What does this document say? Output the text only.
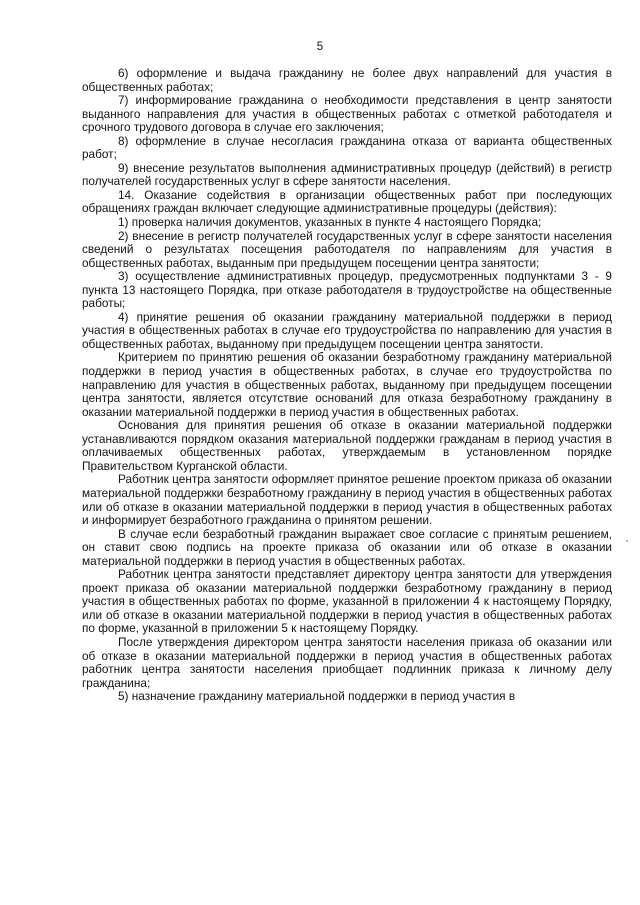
5

6) оформление и выдача гражданину не более двух направлений для участия в общественных работах;

7) информирование гражданина о необходимости представления в центр занятости выданного направления для участия в общественных работах с отметкой работодателя и срочного трудового договора в случае его заключения;

8) оформление в случае несогласия гражданина отказа от варианта общественных работ;

9) внесение результатов выполнения административных процедур (действий) в регистр получателей государственных услуг в сфере занятости населения.

14. Оказание содействия в организации общественных работ при последующих обращениях граждан включает следующие административные процедуры (действия):

1) проверка наличия документов, указанных в пункте 4 настоящего Порядка;

2) внесение в регистр получателей государственных услуг в сфере занятости населения сведений о результатах посещения работодателя по направлениям для участия в общественных работах, выданным при предыдущем посещении центра занятости;

3) осуществление административных процедур, предусмотренных подпунктами 3 - 9 пункта 13 настоящего Порядка, при отказе работодателя в трудоустройстве на общественные работы;

4) принятие решения об оказании гражданину материальной поддержки в период участия в общественных работах в случае его трудоустройства по направлению для участия в общественных работах, выданному при предыдущем посещении центра занятости.

Критерием по принятию решения об оказании безработному гражданину материальной поддержки в период участия в общественных работах, в случае его трудоустройства по направлению для участия в общественных работах, выданному при предыдущем посещении центра занятости, является отсутствие оснований для отказа безработному гражданину в оказании материальной поддержки в период участия в общественных работах.

Основания для принятия решения об отказе в оказании материальной поддержки устанавливаются порядком оказания материальной поддержки гражданам в период участия в оплачиваемых общественных работах, утверждаемым в установленном порядке Правительством Курганской области.

Работник центра занятости оформляет принятое решение проектом приказа об оказании материальной поддержки безработному гражданину в период участия в общественных работах или об отказе в оказании материальной поддержки в период участия в общественных работах и информирует безработного гражданина о принятом решении.

В случае если безработный гражданин выражает свое согласие с принятым решением, он ставит свою подпись на проекте приказа об оказании или об отказе в оказании материальной поддержки в период участия в общественных работах.

Работник центра занятости представляет директору центра занятости для утверждения проект приказа об оказании материальной поддержки безработному гражданину в период участия в общественных работах по форме, указанной в приложении 4 к настоящему Порядку, или об отказе в оказании материальной поддержки в период участия в общественных работах по форме, указанной в приложении 5 к настоящему Порядку.

После утверждения директором центра занятости населения приказа об оказании или об отказе в оказании материальной поддержки в период участия в общественных работах работник центра занятости населения приобщает подлинник приказа к личному делу гражданина;

5) назначение гражданину материальной поддержки в период участия в
